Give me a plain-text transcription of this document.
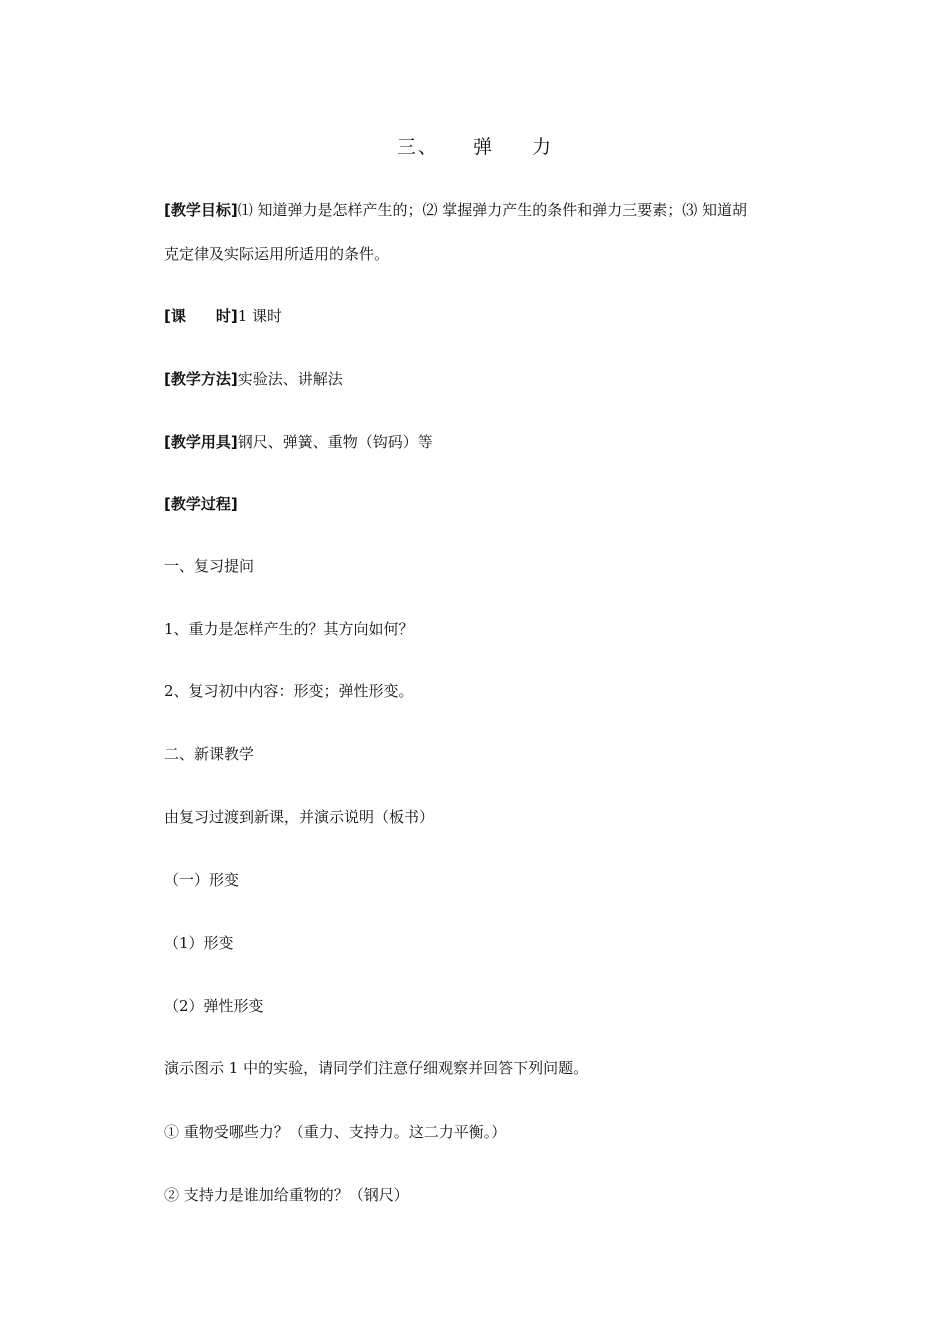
三、 弹 力
[教学目标]⑴ 知道弹力是怎样产生的；⑵ 掌握弹力产生的条件和弹力三要素；⑶ 知道胡
克定律及实际运用所适用的条件。
[课 时]1 课时
[教学方法]实验法、讲解法
[教学用具]钢尺、弹簧、重物（钩码）等
[教学过程]
一、复习提问
1、重力是怎样产生的？其方向如何？
2、复习初中内容：形变；弹性形变。
二、新课教学
由复习过渡到新课，并演示说明（板书）
（一）形变
（1）形变
（2）弹性形变
演示图示 1 中的实验，请同学们注意仔细观察并回答下列问题。
① 重物受哪些力？（重力、支持力。这二力平衡。）
② 支持力是谁加给重物的？（钢尺）
